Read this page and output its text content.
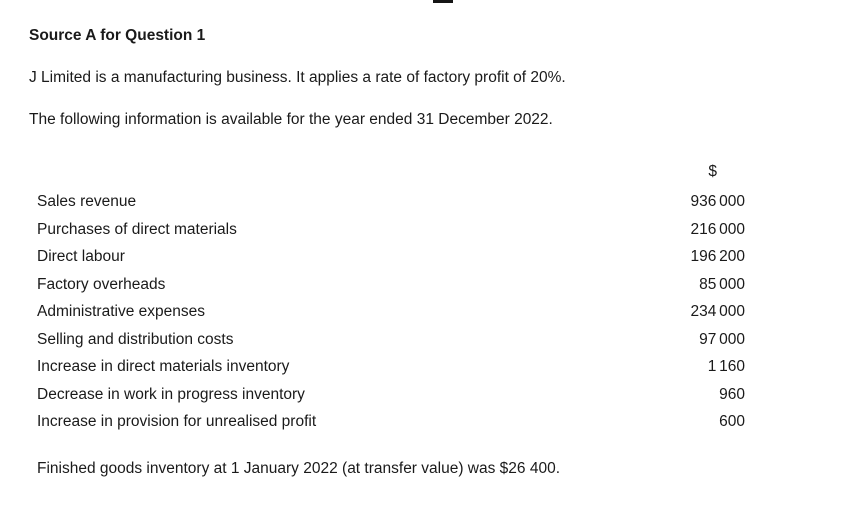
Source A for Question 1
J Limited is a manufacturing business. It applies a rate of factory profit of 20%.
The following information is available for the year ended 31 December 2022.
$
Sales revenue	936 000
Purchases of direct materials	216 000
Direct labour	196 200
Factory overheads	85 000
Administrative expenses	234 000
Selling and distribution costs	97 000
Increase in direct materials inventory	1 160
Decrease in work in progress inventory	960
Increase in provision for unrealised profit	600
Finished goods inventory at 1 January 2022 (at transfer value) was $26 400.
